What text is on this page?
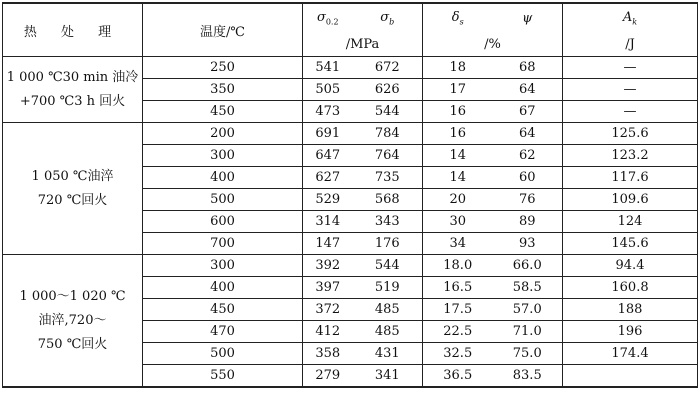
热 处 理	温度/℃	$\sigma_{0.2}$	$\sigma_b$	$\delta_s$	ψ	$A_k$
		/MPa		/%		/J

1 000 ℃30 min 油冷
+700 ℃3 h 回火	250	541	672	18	68	—
	350	505	626	17	64	—
	450	473	544	16	67	—

1 050 ℃油淬
720 ℃回火	200	691	784	16	64	125.6
	300	647	764	14	62	123.2
	400	627	735	14	60	117.6
	500	529	568	20	76	109.6
	600	314	343	30	89	124
	700	147	176	34	93	145.6

1 000～1 020 ℃
油淬,720～
750 ℃回火	300	392	544	18.0	66.0	94.4
	400	397	519	16.5	58.5	160.8
	450	372	485	17.5	57.0	188
	470	412	485	22.5	71.0	196
	500	358	431	32.5	75.0	174.4
	550	279	341	36.5	83.5	
